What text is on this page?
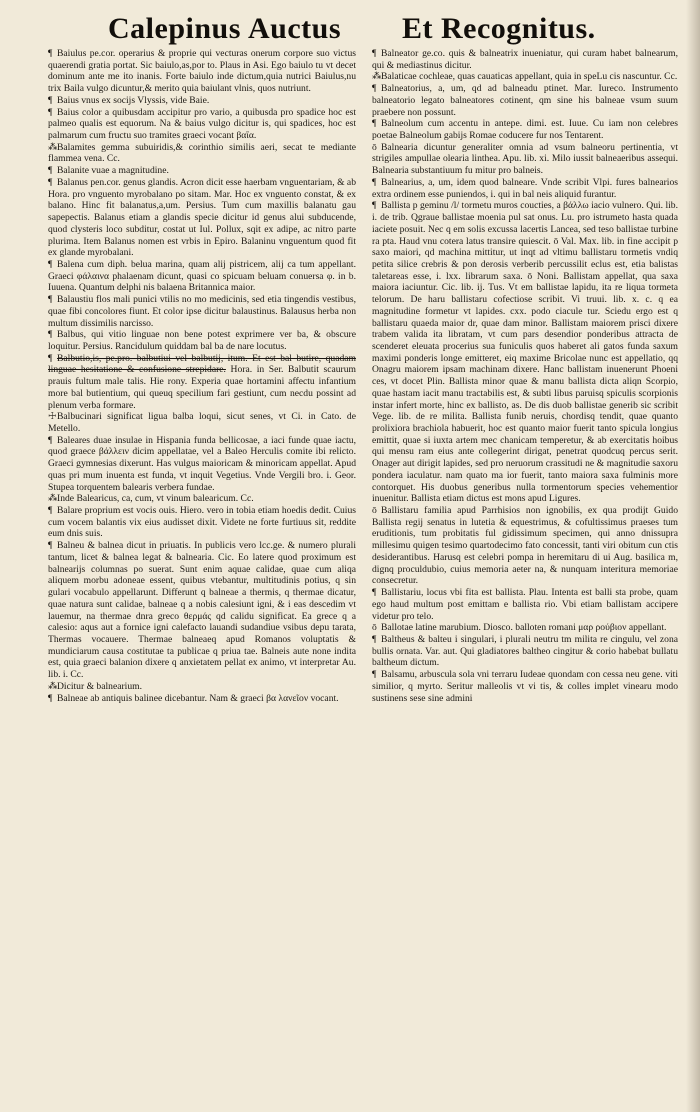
Calepinus Auctus Et Recognitus.

¶ Baiulus pe.cor. operarius & proprie qui vecturas onerum corpore suo victus quaerendi gratia portat. Sic baiulo,as,por to. Plaus in Asi. Ego baiulo tu vt decet dominum ante me ito inanis. Forte baiulo inde dictum,quia nutrici Baiulus,nu trix Baila vulgo dicuntur,& merito quia baiulant vlnis, quos nutriunt.

¶ Baius vnus ex socijs Vlyssis, vide Baie.

¶ Baius color a quibusdam accipitur pro vario, a quibusda pro spadice hoc est palmeo qualis est equorum. Na & baius vulgo dicitur is, qui spadices, hoc est palmarum cum fructu suo tramites graeci vocant βαΐα.

⁂Balamites gemma subuiridis,& corinthio similis aeri, secat te mediante flammea vena. Cc.

¶ Balanite vuae a magnitudine.

¶ Balanus pen.cor. genus glandis. Acron dicit esse haerbam vnguentariam, & ab Hora. pro vnguento myrobalano po sitam. Mar. Hoc ex vnguento constat, & ex balano. Hinc fit balanatus,a,um. Persius. Tum cum maxillis balanatu gau sapepectis. Balanus etiam a glandis specie dicitur id genus alui subducende, quod clysteris loco subditur, costat ut Iul. Pollux, sqit ex adipe, ac nitro parte plurima. Item Balanus nomen est vrbis in Epiro. Balaninu vnguentum quod fit ex glande myrobalani.

¶ Balena cum diph. belua marina, quam alij pistricem, alij ca tum appellant. Graeci φάλαινα phalaenam dicunt, quasi co spicuam beluam conuersa φ. in b. Iuuena. Quantum delphi nis balaena Britannica maior.

¶ Balaustiu flos mali punici vtilis no mo medicinis, sed etia tingendis vestibus, quae fibi concolores fiunt. Et color ipse dicitur balaustinus. Balausus herba non multum dissimilis narcisso.

¶ Balbus, qui vitio linguae non bene potest exprimere ver ba, & obscure loquitur. Persius. Rancidulum quiddam bal ba de nare locutus.

¶ Balbutio,is, pe.pro. balbutiui vel balbutij, itum. Et est bal butire, quadam linguae hesitatione & confusione strepidare. Hora. in Ser. Balbutit scaurum prauis fultum male talis. Hie rony. Experia quae hortamini affectu infantium more bal butientium, qui queuq specilium fari gestiunt, cum necdu possint ad plenum verba formare.

☩Balbucinari significat ligua balba loqui, sicut senes, vt Ci. in Cato. de Metello.

¶ Baleares duae insulae in Hispania funda bellicosae, a iaci funde quae iactu, quod graece βάλλειν dicim appellatae, vel a Baleo Herculis comite ibi relicto. Graeci gymnesias dixerunt. Has vulgus maioricam & minoricam appellat. Apud quas pri mum inuenta est funda, vt inquit Vegetius. Vnde Vergili bro. i. Geor. Stupea torquentem balearis verbera fundae.

⁂Inde Balearicus, ca, cum, vt vinum balearicum. Cc.

¶ Balare proprium est vocis ouis. Hiero. vero in tobia etiam hoedis dedit. Cuius cum vocem balantis vix eius audisset dixit. Videte ne forte furtiuus sit, reddite eum dnis suis.

¶ Balneu & balnea dicut in priuatis. In publicis vero lcc.ge. & numero plurali tantum, licet & balnea legat & balnearia. Cic. Eo latere quod proximum est balnearijs columnas po suerat. Sunt enim aquae calidae, quae cum aliqa aliquem morbu adoneae essent, quibus vtebantur, multitudinis potius, q sin gulari vocabulo appellarunt. Differunt q balneae a thermis, q thermae dicatur, quae natura sunt calidae, balneae q a nobis calesiunt igni, & i eas descedim vt lauemur, na thermae dnra greco θερμάς qd calidu significat. Ea grece q a calesio: aqus aut a fornice igni calefacto lauandi sudandiue vsibus depu tarata, Thermas vocauere. Thermae balneaeq apud Romanos voluptatis & mundiciarum causa costitutae ta publicae q priua tae. Balneis aute none indita est, quia graeci balanion dixere q anxietatem pellat ex animo, vt interpretar Au. lib. i. Cc.

⁂Dicitur & balnearium.

¶ Balneae ab antiquis balinee dicebantur. Nam & graeci βα λανεῖον vocant.

¶ Balneator ge.co. quis & balneatrix inueniatur, qui curam habet balnearum, qui & mediastinus dicitur.

⁂Balaticae cochleae, quas cauaticas appellant, quia in speLu cis nascuntur. Cc.

¶ Balneatorius, a, um, qd ad balneadu ptinet. Mar. Iureco. Instrumento balneatorio legato balneatores cotinent, qm sine his balneae vsum suum praebere non possunt.

¶ Balneolum cum accentu in antepe. dimi. est. Iuue. Cu iam non celebres poetae Balneolum gabijs Romae coducere fur nos Tentarent.

ō Balnearia dicuntur generaliter omnia ad vsum balneoru pertinentia, vt strigiles ampullae olearia linthea. Apu. lib. xi. Milo iussit balneaeribus assequi. Balnearia substantiuum fu mitur pro balneis.

¶ Balnearius, a, um, idem quod balneare. Vnde scribit Vlpi. fures balnearios extra ordinem esse puniendos, i. qui in bal neis aliquid furantur.

¶ Ballista p geminu /l/ tormetu muros coucties, a βάλλω iacio vulnero. Qui. lib. i. de trib. Qgraue ballistae moenia pul sat onus. Lu. pro istrumeto hasta quada iaciete posuit. Nec q em solis excussa lacertis Lancea, sed teso ballistae turbine ra pta. Haud vnu cotera latus transire quiescit. ō Val. Max. lib. in fine accipit p saxo maiori, qd machina mittitur, ut inqt ad vltimu ballistaru tormetis vndiq petita silice crebris & pon derosis verberib percussilit eclus est, etia balistas taletareas esse, i. lxx. librarum saxa. ō Noni. Ballistam appellat, qua saxa maiora iaciuntur. Cic. lib. ij. Tus. Vt em ballistae lapidu, ita re liqua tormeta telorum. De haru ballistaru cofectiose scribit. Vi truui. lib. x. c. q ea magnitudine formetur vt lapides. cxx. podo ciacule tur. Sciedu ergo est q ballistaru quaeda maior dr, quae dam minor. Ballistam maiorem prisci dixere trabem valida ita libratam, vt cum pars desendior ponderibus attracta de scenderet eleuata procerius sua funiculis quos haberet ali gatos funda saxum maximi ponderis longe emitteret, eiq maxime Bricolae nunc est appellatio, qq Onagru maiorem ipsam machinam dixere. Hanc ballistam inuenerunt Phoeni ces, vt docet Plin. Ballista minor quae & manu ballista dicta aliqn Scorpio, quae hastam iacit manu tractabilis est, & subti libus paruisq spiculis scorpionis instar infert morte, hinc ex ballisto, as. De dis duob ballistae generib sic scribit Vege. lib. de re milita. Ballista funib neruis, chordisq tendit, quae quanto prolixiora brachiola habuerit, hoc est quanto maior fuerit tanto spicula longius emittit, quae si iuxta artem mec chanicam temperetur, & ab exercitatis hoibus qui mensu ram eius ante collegerint dirigat, penetrat quodcuq percus serit. Onager aut dirigit lapides, sed pro neruorum crassitudi ne & magnitudie saxoru pondera iaculatur. nam quato ma ior fuerit, tanto maiora saxa fulminis more contorquet. His duobus generibus nulla tormentorum species vehementior inuenitur. Ballista etiam dictus est mons apud Ligures.

ō Ballistaru familia apud Parrhisios non ignobilis, ex qua prodijt Guido Ballista regij senatus in lutetia & equestrimus, & cofultissimus praeses tum eruditionis, tum probitatis ful gidissimum specimen, qui anno dnissupra millesimu quigen tesimo quartodecimo fato concessit, tanti viri obitum cun ctis desiderantibus. Harusq est celebri pompa in heremitaru di ui Aug. basilica m, dignq proculdubio, cuius memoria aeter na, & nunquam interitura memoriae consecretur.

¶ Ballistariu, locus vbi fita est ballista. Plau. Intenta est balli sta probe, quam ego haud multum post emittam e ballista rio. Vbi etiam ballistam accipere videtur pro telo.

ō Ballotae latine marubium. Diosco. balloten romani μαρ ρούβιον appellant.

¶ Baltheus & balteu i singulari, i plurali neutru tm milita re cingulu, vel zona bullis ornata. Var. aut. Qui gladiatores baltheo cingitur & corio habebat bullatu baltheum dictum.

¶ Balsamu, arbuscula sola vni terraru Iudeae quondam con cessa neu gene. viti similior, q myrto. Seritur malleolis vt vi tis, & colles implet vinearu modo sustinens sese sine admini
